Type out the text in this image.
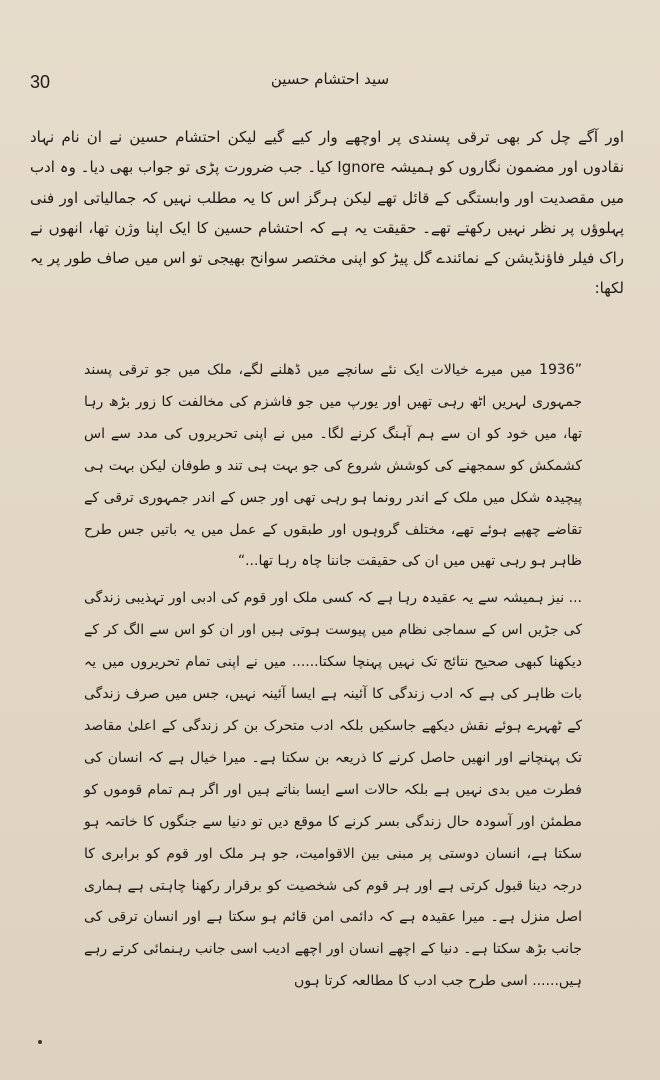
30	سید احتشام حسین

اور آگے چل کر بھی ترقی پسندی پر اوچھے وار کیے گیے لیکن احتشام حسین نے ان نام نہاد نقادوں اور مضمون نگاروں کو ہمیشہ Ignore کیا۔ جب ضرورت پڑی تو جواب بھی دیا۔ وہ ادب میں مقصدیت اور وابستگی کے قائل تھے لیکن ہرگز اس کا یہ مطلب نہیں کہ جمالیاتی اور فنی پہلوؤں پر نظر نہیں رکھتے تھے۔ حقیقت یہ ہے کہ احتشام حسین کا ایک اپنا وژن تھا، انھوں نے راک فیلر فاؤنڈیشن کے نمائندے گل پیڑ کو اپنی مختصر سوانح بھیجی تو اس میں صاف طور پر یہ لکھا:

”1936 میں میرے خیالات ایک نئے سانچے میں ڈھلنے لگے، ملک میں جو ترقی پسند جمہوری لہریں اٹھ رہی تھیں اور یورپ میں جو فاشزم کی مخالفت کا زور بڑھ رہا تھا، میں خود کو ان سے ہم آہنگ کرنے لگا۔ میں نے اپنی تحریروں کی مدد سے اس کشمکش کو سمجھنے کی کوشش شروع کی جو بہت ہی تند و طوفان لیکن بہت ہی پیچیدہ شکل میں ملک کے اندر رونما ہو رہی تھی اور جس کے اندر جمہوری ترقی کے تقاضے چھپے ہوئے تھے، مختلف گروہوں اور طبقوں کے عمل میں یہ باتیں جس طرح ظاہر ہو رہی تھیں میں ان کی حقیقت جاننا چاہ رہا تھا...“

... نیز ہمیشہ سے یہ عقیدہ رہا ہے کہ کسی ملک اور قوم کی ادبی اور تہذیبی زندگی کی جڑیں اس کے سماجی نظام میں پیوست ہوتی ہیں اور ان کو اس سے الگ کر کے دیکھنا کبھی صحیح نتائج تک نہیں پہنچا سکتا...... میں نے اپنی تمام تحریروں میں یہ بات ظاہر کی ہے کہ ادب زندگی کا آئینہ ہے ایسا آئینہ نہیں، جس میں صرف زندگی کے ٹھہرے ہوئے نقش دیکھے جاسکیں بلکہ ادب متحرک بن کر زندگی کے اعلیٰ مقاصد تک پہنچانے اور انھیں حاصل کرنے کا ذریعہ بن سکتا ہے۔ میرا خیال ہے کہ انسان کی فطرت میں بدی نہیں ہے بلکہ حالات اسے ایسا بناتے ہیں اور اگر ہم تمام قوموں کو مطمئن اور آسودہ حال زندگی بسر کرنے کا موقع دیں تو دنیا سے جنگوں کا خاتمہ ہو سکتا ہے، انسان دوستی پر مبنی بین الاقوامیت، جو ہر ملک اور قوم کو برابری کا درجہ دینا قبول کرتی ہے اور ہر قوم کی شخصیت کو برقرار رکھنا چاہتی ہے ہماری اصل منزل ہے۔ میرا عقیدہ ہے کہ دائمی امن قائم ہو سکتا ہے اور انسان ترقی کی جانب بڑھ سکتا ہے۔ دنیا کے اچھے انسان اور اچھے ادیب اسی جانب رہنمائی کرتے رہے ہیں...... اسی طرح جب ادب کا مطالعہ کرتا ہوں
